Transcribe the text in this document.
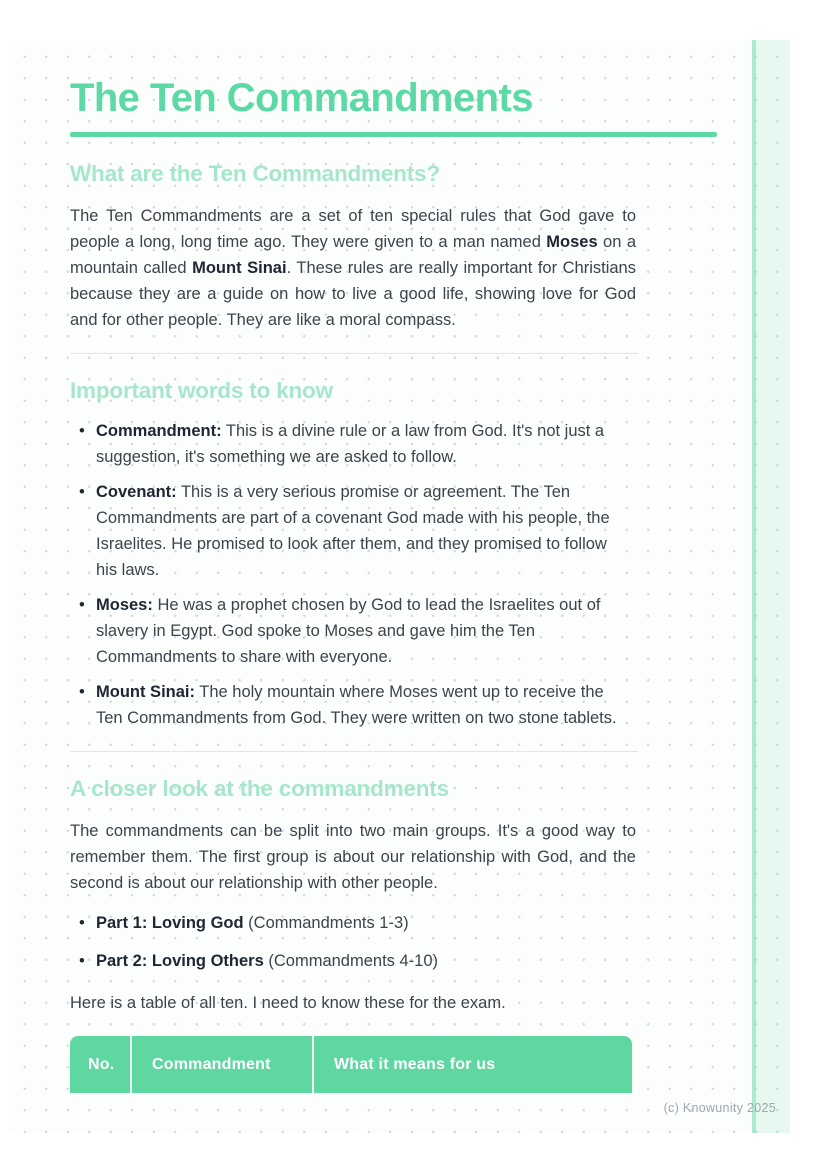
The Ten Commandments
What are the Ten Commandments?

The Ten Commandments are a set of ten special rules that God gave to people a long, long time ago. They were given to a man named Moses on a mountain called Mount Sinai. These rules are really important for Christians because they are a guide on how to live a good life, showing love for God and for other people. They are like a moral compass.

Important words to know
• Commandment: This is a divine rule or a law from God. It's not just a suggestion, it's something we are asked to follow.
• Covenant: This is a very serious promise or agreement. The Ten Commandments are part of a covenant God made with his people, the Israelites. He promised to look after them, and they promised to follow his laws.
• Moses: He was a prophet chosen by God to lead the Israelites out of slavery in Egypt. God spoke to Moses and gave him the Ten Commandments to share with everyone.
• Mount Sinai: The holy mountain where Moses went up to receive the Ten Commandments from God. They were written on two stone tablets.
A closer look at the commandments

The commandments can be split into two main groups. It's a good way to remember them. The first group is about our relationship with God, and the second is about our relationship with other people.

• Part 1: Loving God (Commandments 1-3)
• Part 2: Loving Others (Commandments 4-10)

Here is a table of all ten. I need to know these for the exam.

No.	Commandment	What it means for us
(c) Knowunity 2025
